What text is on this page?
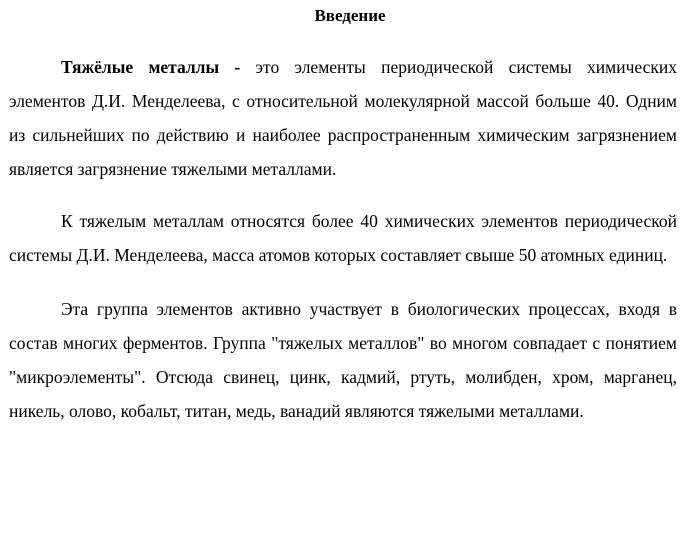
Введение

Тяжёлые металлы - это элементы периодической системы химических элементов Д.И. Менделеева, с относительной молекулярной массой больше 40. Одним из сильнейших по действию и наиболее распространенным химическим загрязнением является загрязнение тяжелыми металлами.

К тяжелым металлам относятся более 40 химических элементов периодической системы Д.И. Менделеева, масса атомов которых составляет свыше 50 атомных единиц.

Эта группа элементов активно участвует в биологических процессах, входя в состав многих ферментов. Группа "тяжелых металлов" во многом совпадает с понятием "микроэлементы". Отсюда свинец, цинк, кадмий, ртуть, молибден, хром, марганец, никель, олово, кобальт, титан, медь, ванадий являются тяжелыми металлами.
